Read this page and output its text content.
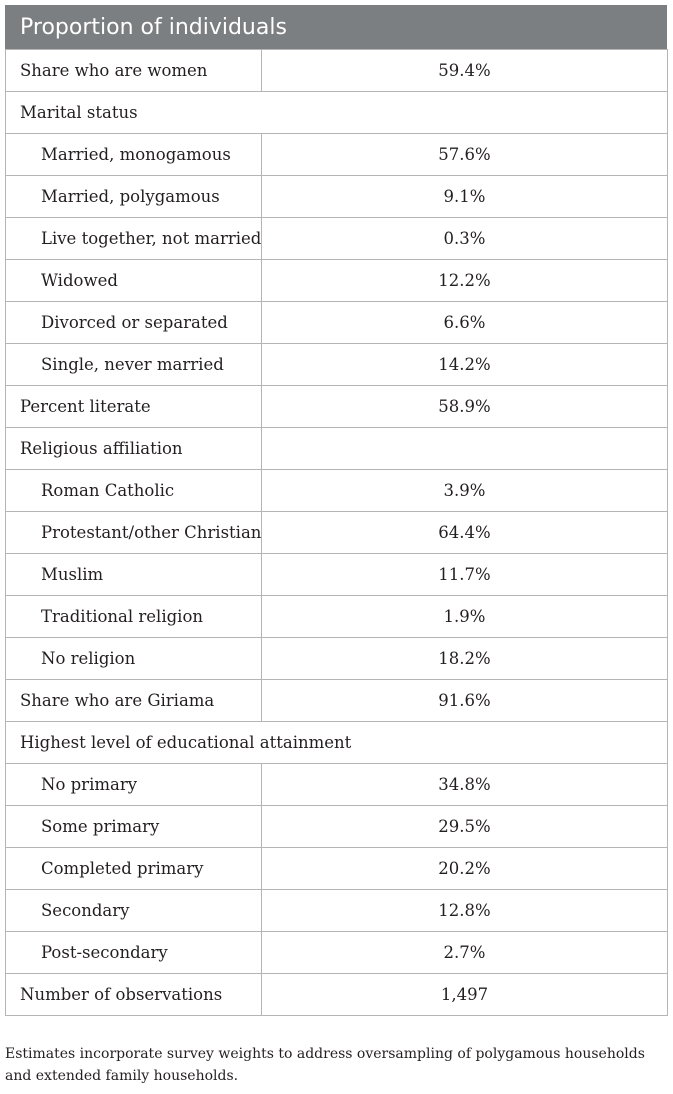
Proportion of individuals
Share who are women	59.4%
Marital status	
Married, monogamous	57.6%
Married, polygamous	9.1%
Live together, not married	0.3%
Widowed	12.2%
Divorced or separated	6.6%
Single, never married	14.2%
Percent literate	58.9%
Religious affiliation	
Roman Catholic	3.9%
Protestant/other Christian	64.4%
Muslim	11.7%
Traditional religion	1.9%
No religion	18.2%
Share who are Giriama	91.6%
Highest level of educational attainment	
No primary	34.8%
Some primary	29.5%
Completed primary	20.2%
Secondary	12.8%
Post-secondary	2.7%
Number of observations	1,497
Estimates incorporate survey weights to address oversampling of polygamous households and extended family households.
